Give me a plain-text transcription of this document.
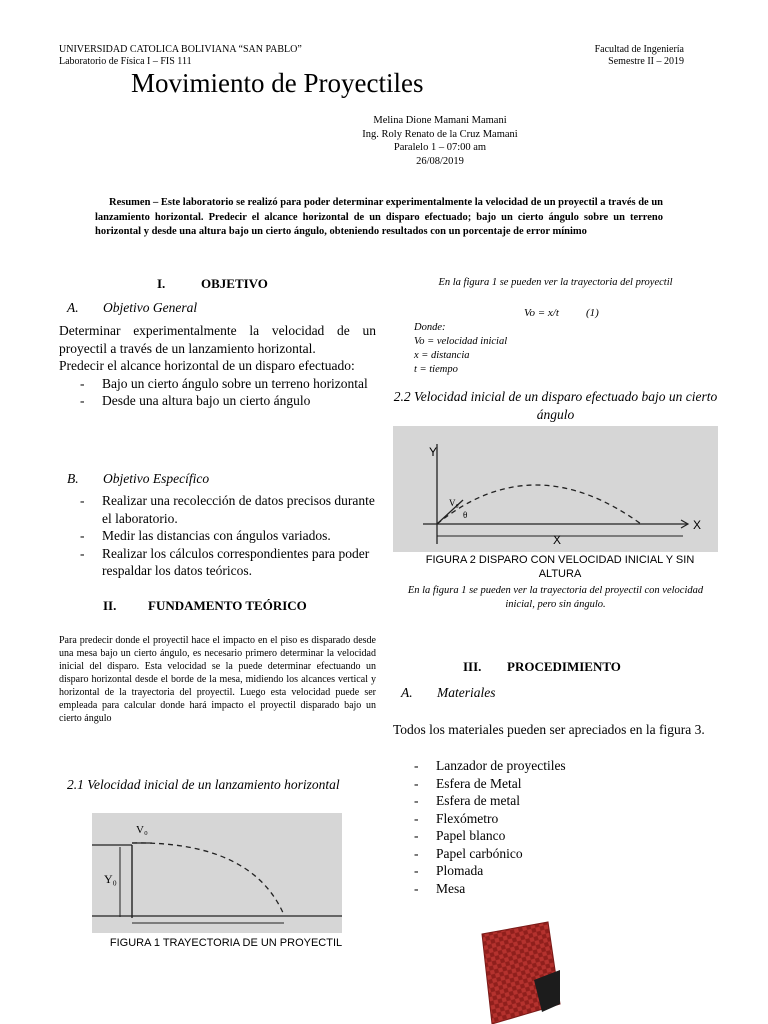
UNIVERSIDAD CATOLICA BOLIVIANA “SAN PABLO”
Laboratorio de Física I – FIS 111
Facultad de Ingeniería
Semestre II – 2019
Movimiento de Proyectiles
Melina Dione Mamani Mamani
Ing. Roly Renato de la Cruz Mamani
Paralelo 1 – 07:00 am
26/08/2019
Resumen – Este laboratorio se realizó para poder determinar experimentalmente la velocidad de un proyectil a través de un lanzamiento horizontal. Predecir el alcance horizontal de un disparo efectuado; bajo un cierto ángulo sobre un terreno horizontal y desde una altura bajo un cierto ángulo, obteniendo resultados con un porcentaje de error mínimo
I.	OBJETIVO
A. Objetivo General
Determinar experimentalmente la velocidad de un proyectil a través de un lanzamiento horizontal.
Predecir el alcance horizontal de un disparo efectuado:
- Bajo un cierto ángulo sobre un terreno horizontal
- Desde una altura bajo un cierto ángulo
B. Objetivo Específico
- Realizar una recolección de datos precisos durante el laboratorio.
- Medir las distancias con ángulos variados.
- Realizar los cálculos correspondientes para poder respaldar los datos teóricos.
II. FUNDAMENTO TEÓRICO
Para predecir donde el proyectil hace el impacto en el piso es disparado desde una mesa bajo un cierto ángulo, es necesario primero determinar la velocidad inicial del disparo. Esta velocidad se la puede determinar efectuando un disparo horizontal desde el borde de la mesa, midiendo los alcances vertical y horizontal de la trayectoria del proyectil. Luego esta velocidad puede ser empleada para calcular donde hará impacto el proyectil disparado bajo un cierto ángulo
2.1 Velocidad inicial de un lanzamiento horizontal
V₀
Y₀
FIGURA 1 TRAYECTORIA DE UN PROYECTIL
En la figura 1 se pueden ver la trayectoria del proyectil
Vo = x/t (1)
Donde:
Vo = velocidad inicial
x = distancia
t = tiempo
2.2 Velocidad inicial de un disparo efectuado bajo un cierto ángulo
Y
X
X
V₀
θ
FIGURA 2 DISPARO CON VELOCIDAD INICIAL Y SIN ALTURA
En la figura 1 se pueden ver la trayectoria del proyectil con velocidad inicial, pero sin ángulo.
III. PROCEDIMIENTO
A. Materiales
Todos los materiales pueden ser apreciados en la figura 3.
- Lanzador de proyectiles
- Esfera de Metal
- Esfera de metal
- Flexómetro
- Papel blanco
- Papel carbónico
- Plomada
- Mesa
